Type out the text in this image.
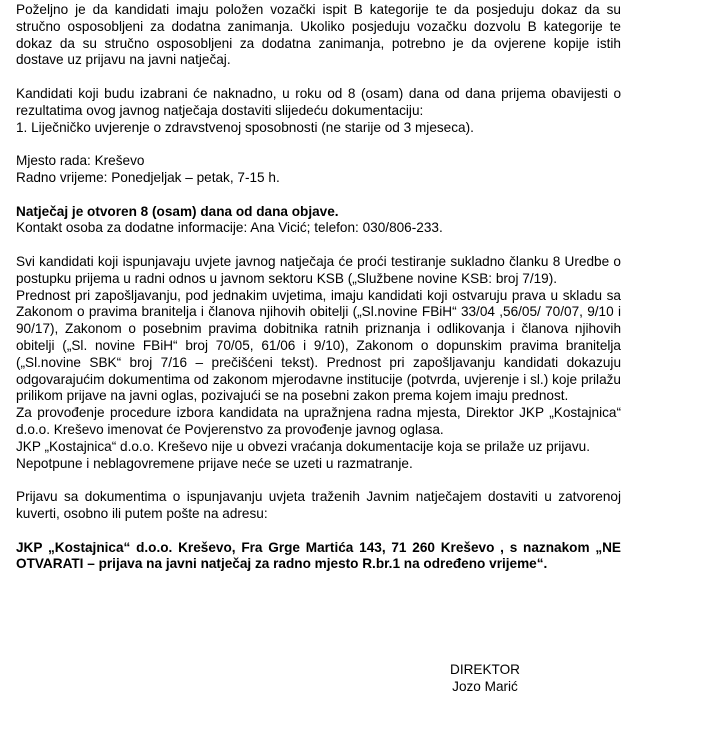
Poželjno je da kandidati imaju položen vozački ispit B kategorije te da posjeduju dokaz da su stručno osposobljeni za dodatna zanimanja. Ukoliko posjeduju vozačku dozvolu B kategorije te dokaz da su stručno osposobljeni za dodatna zanimanja, potrebno je da ovjerene kopije istih dostave uz prijavu na javni natječaj.

Kandidati koji budu izabrani će naknadno, u roku od 8 (osam) dana od dana prijema obavijesti o rezultatima ovog javnog natječaja dostaviti slijedeću dokumentaciju:

1. Liječničko uvjerenje o zdravstvenoj sposobnosti (ne starije od 3 mjeseca).

Mjesto rada: Kreševo
Radno vrijeme: Ponedjeljak – petak, 7-15 h.
Natječaj je otvoren 8 (osam) dana od dana objave.
Kontakt osoba za dodatne informacije: Ana Vicić; telefon: 030/806-233.

Svi kandidati koji ispunjavaju uvjete javnog natječaja će proći testiranje sukladno članku 8 Uredbe o postupku prijema u radni odnos u javnom sektoru KSB („Službene novine KSB: broj 7/19).

Prednost pri zapošljavanju, pod jednakim uvjetima, imaju kandidati koji ostvaruju prava u skladu sa Zakonom o pravima branitelja i članova njihovih obitelji („Sl.novine FBiH“ 33/04 ,56/05/ 70/07, 9/10 i 90/17), Zakonom o posebnim pravima dobitnika ratnih priznanja i odlikovanja i članova njihovih obitelji („Sl. novine FBiH“ broj 70/05, 61/06 i 9/10), Zakonom o dopunskim pravima branitelja („Sl.novine SBK“ broj 7/16 – prečišćeni tekst). Prednost pri zapošljavanju kandidati dokazuju odgovarajućim dokumentima od zakonom mjerodavne institucije (potvrda, uvjerenje i sl.) koje prilažu prilikom prijave na javni oglas, pozivajući se na posebni zakon prema kojem imaju prednost.

Za provođenje procedure izbora kandidata na upražnjena radna mjesta, Direktor JKP „Kostajnica“ d.o.o. Kreševo imenovat će Povjerenstvo za provođenje javnog oglasa.

JKP „Kostajnica“ d.o.o. Kreševo nije u obvezi vraćanja dokumentacije koja se prilaže uz prijavu.

Nepotpune i neblagovremene prijave neće se uzeti u razmatranje.

Prijavu sa dokumentima o ispunjavanju uvjeta traženih Javnim natječajem dostaviti u zatvorenoj kuverti, osobno ili putem pošte na adresu:

JKP „Kostajnica“ d.o.o. Kreševo, Fra Grge Martića 143, 71 260 Kreševo , s naznakom „NE OTVARATI – prijava na javni natječaj za radno mjesto R.br.1 na određeno vrijeme“.

DIREKTOR
Jozo Marić
